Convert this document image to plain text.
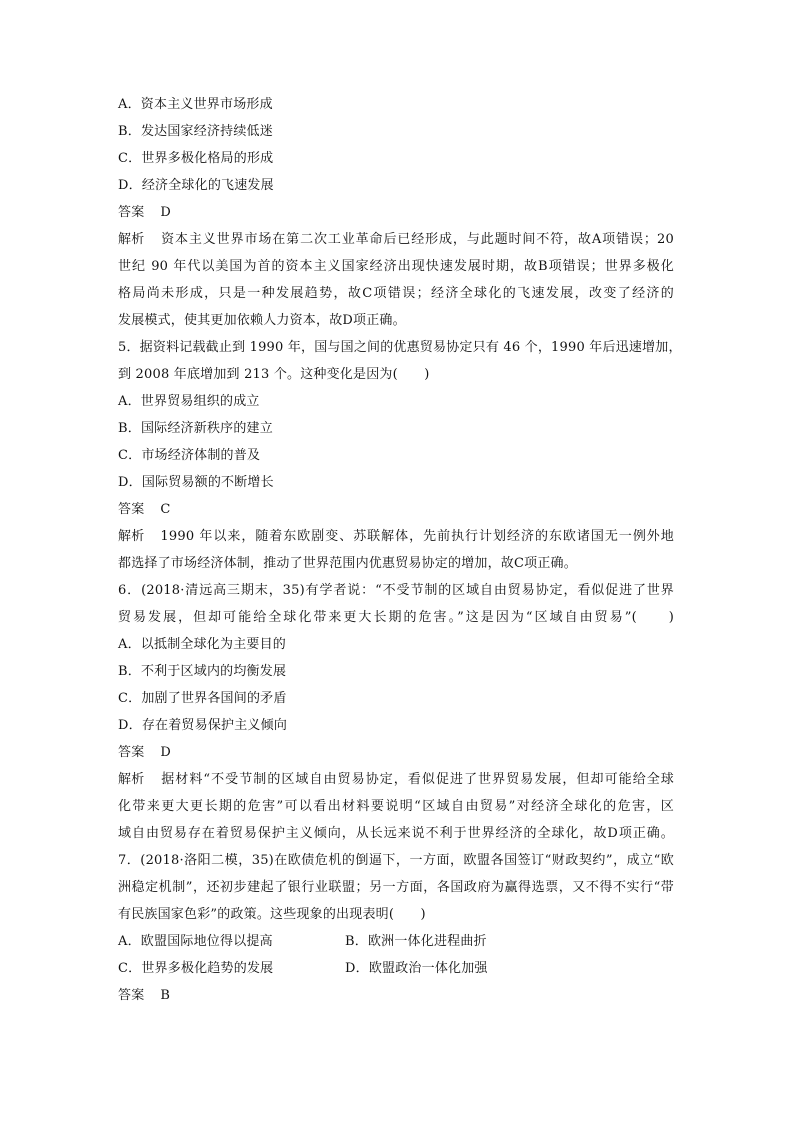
A．资本主义世界市场形成
B．发达国家经济持续低迷
C．世界多极化格局的形成
D．经济全球化的飞速发展
答案 D
解析 资本主义世界市场在第二次工业革命后已经形成，与此题时间不符，故A项错误；20
世纪 90 年代以美国为首的资本主义国家经济出现快速发展时期，故B项错误；世界多极化
格局尚未形成，只是一种发展趋势，故C项错误；经济全球化的飞速发展，改变了经济的
发展模式，使其更加依赖人力资本，故D项正确。
5．据资料记载截止到 1990 年，国与国之间的优惠贸易协定只有 46 个，1990 年后迅速增加，
到 2008 年底增加到 213 个。这种变化是因为(　　)
A．世界贸易组织的成立
B．国际经济新秩序的建立
C．市场经济体制的普及
D．国际贸易额的不断增长
答案 C
解析 1990 年以来，随着东欧剧变、苏联解体，先前执行计划经济的东欧诸国无一例外地
都选择了市场经济体制，推动了世界范围内优惠贸易协定的增加，故C项正确。
6．(2018·清远高三期末，35)有学者说：“不受节制的区域自由贸易协定，看似促进了世界
贸易发展，但却可能给全球化带来更大长期的危害。”这是因为“区域自由贸易”(　　)
A．以抵制全球化为主要目的
B．不利于区域内的均衡发展
C．加剧了世界各国间的矛盾
D．存在着贸易保护主义倾向
答案 D
解析 据材料“不受节制的区域自由贸易协定，看似促进了世界贸易发展，但却可能给全球
化带来更大更长期的危害”可以看出材料要说明“区域自由贸易”对经济全球化的危害，区
域自由贸易存在着贸易保护主义倾向，从长远来说不利于世界经济的全球化，故D项正确。
7．(2018·洛阳二模，35)在欧债危机的倒逼下，一方面，欧盟各国签订“财政契约”，成立“欧
洲稳定机制”，还初步建起了银行业联盟；另一方面，各国政府为赢得选票，又不得不实行“带
有民族国家色彩”的政策。这些现象的出现表明(　　)
A．欧盟国际地位得以提高	B．欧洲一体化进程曲折
C．世界多极化趋势的发展	D．欧盟政治一体化加强
答案 B
